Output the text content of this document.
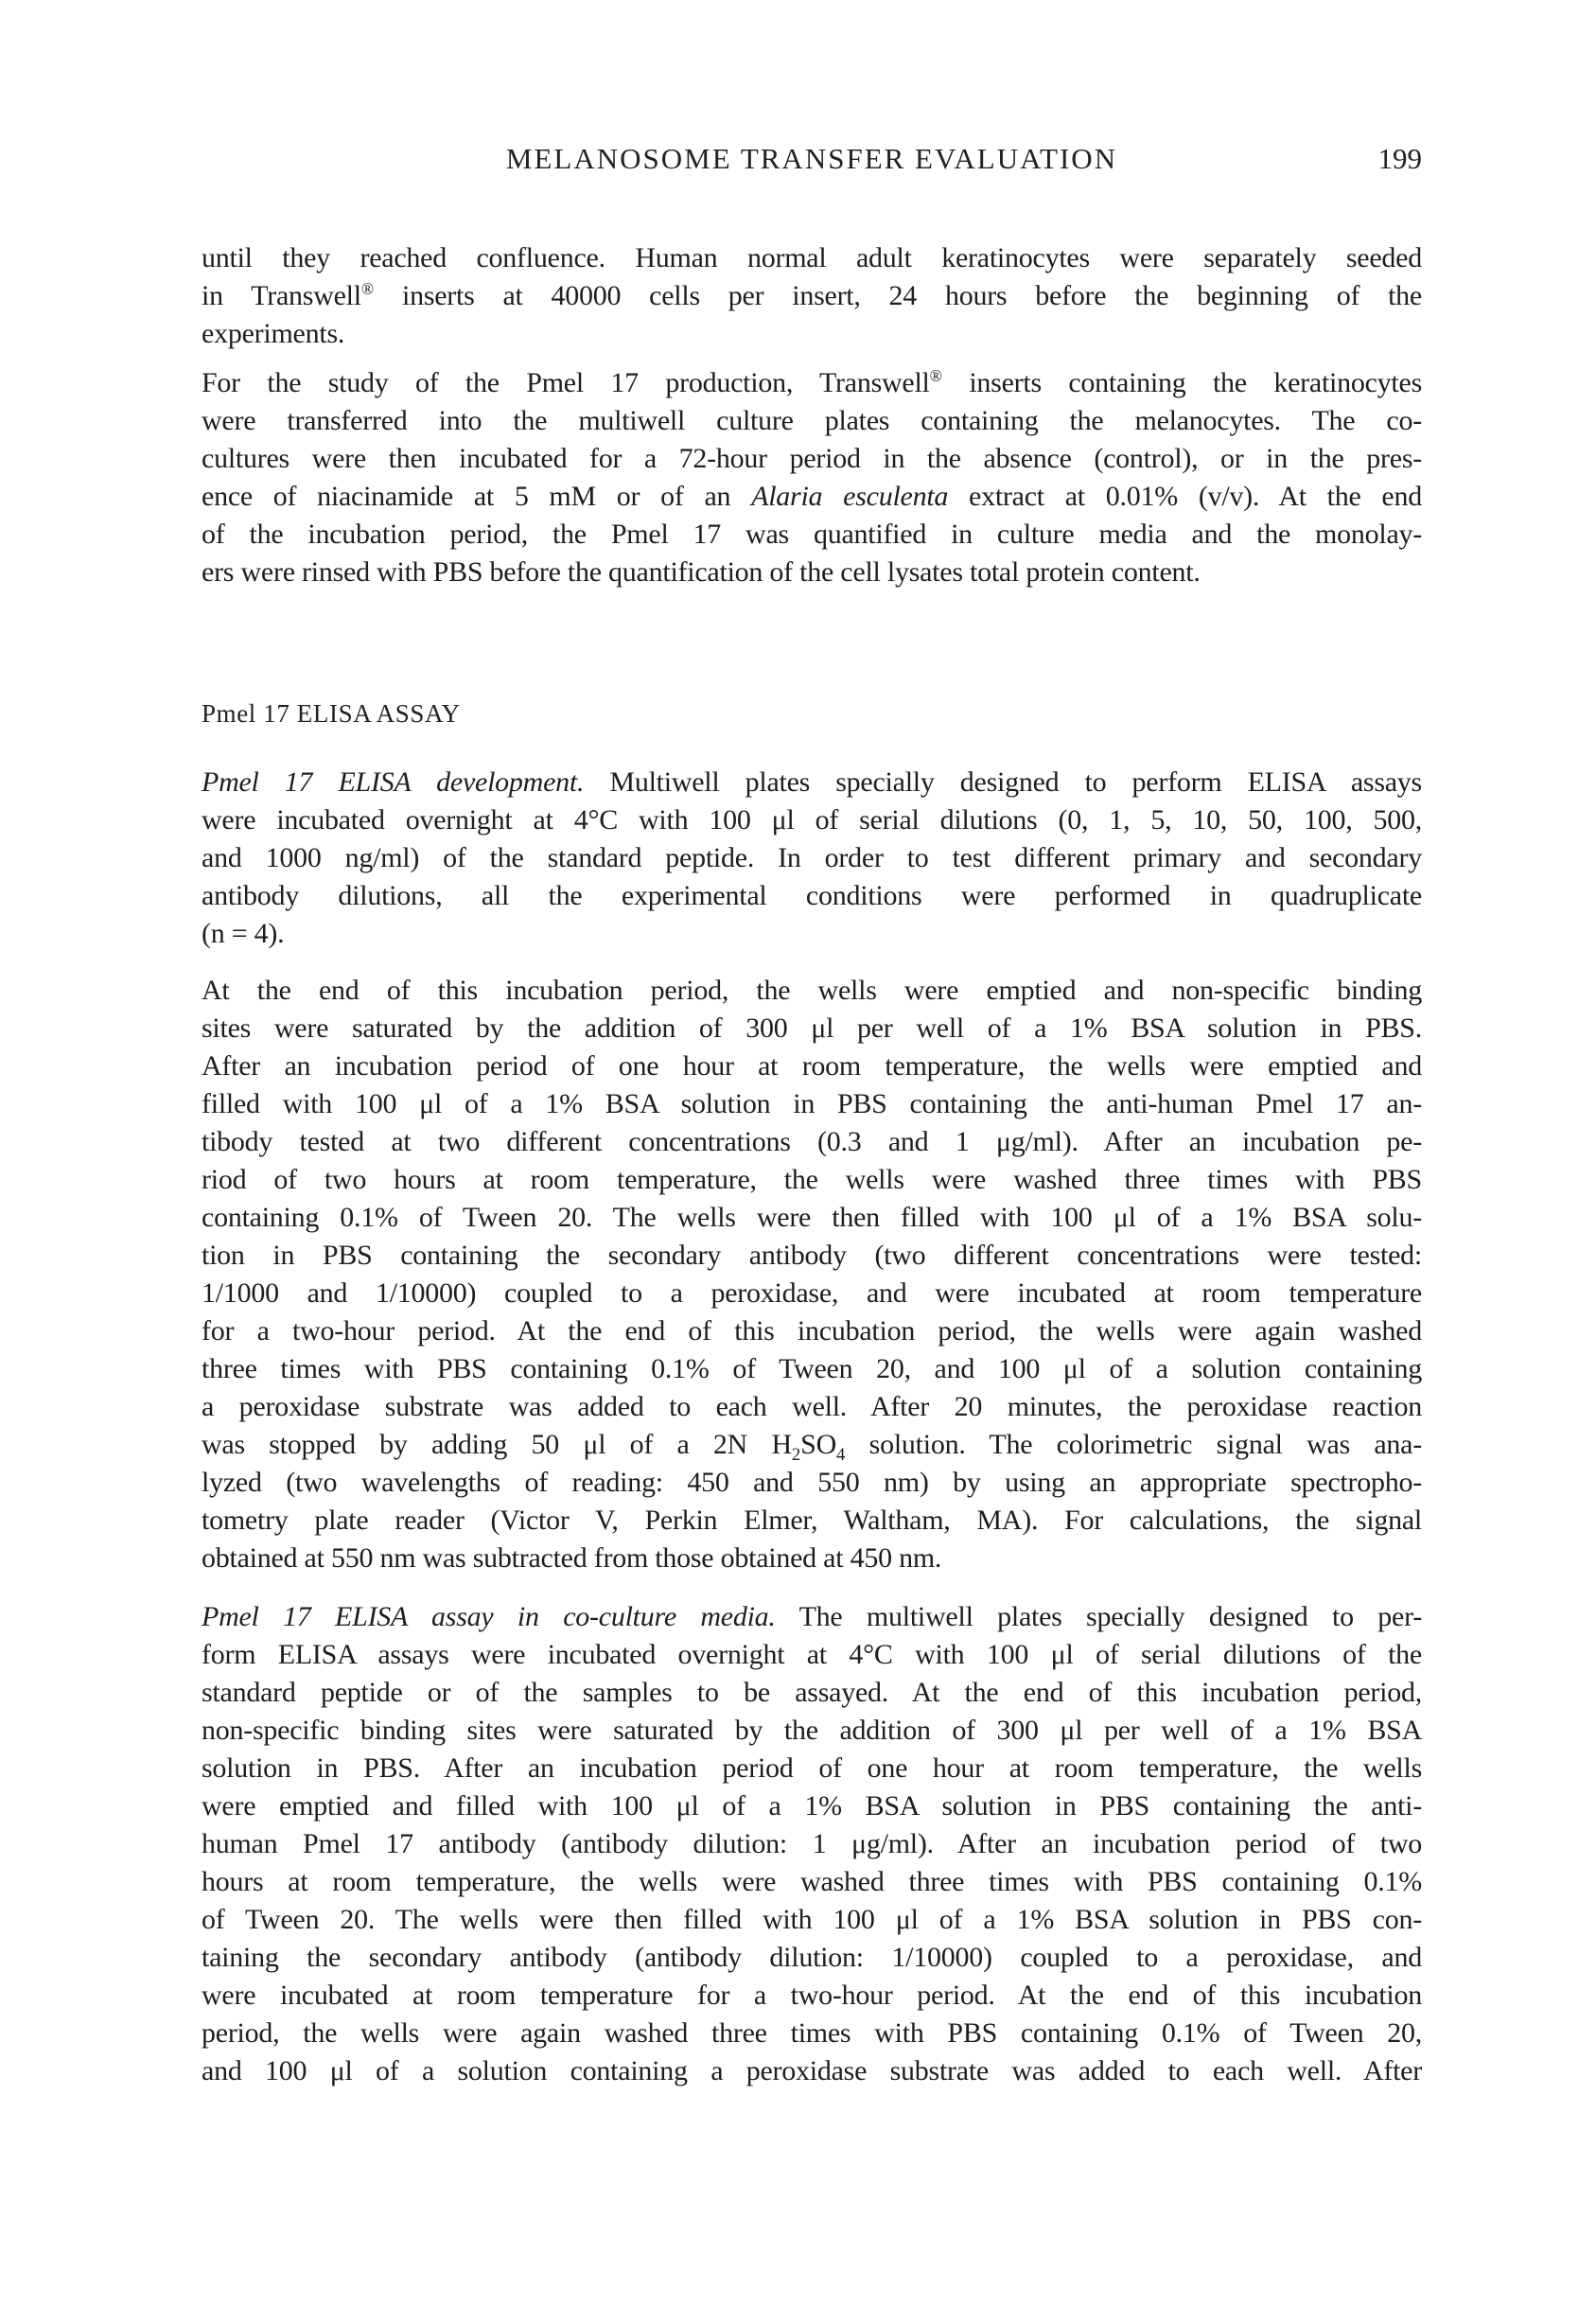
MELANOSOME TRANSFER EVALUATION	199
until they reached confluence. Human normal adult keratinocytes were separately seeded
in Transwell® inserts at 40000 cells per insert, 24 hours before the beginning of the
experiments.
For the study of the Pmel 17 production, Transwell® inserts containing the keratinocytes
were transferred into the multiwell culture plates containing the melanocytes. The co-
cultures were then incubated for a 72-hour period in the absence (control), or in the pres-
ence of niacinamide at 5 mM or of an Alaria esculenta extract at 0.01% (v/v). At the end
of the incubation period, the Pmel 17 was quantified in culture media and the monolay-
ers were rinsed with PBS before the quantification of the cell lysates total protein content.
Pmel 17 ELISA ASSAY
Pmel 17 ELISA development. Multiwell plates specially designed to perform ELISA assays
were incubated overnight at 4°C with 100 μl of serial dilutions (0, 1, 5, 10, 50, 100, 500,
and 1000 ng/ml) of the standard peptide. In order to test different primary and secondary
antibody dilutions, all the experimental conditions were performed in quadruplicate
(n = 4).
At the end of this incubation period, the wells were emptied and non-specific binding
sites were saturated by the addition of 300 μl per well of a 1% BSA solution in PBS.
After an incubation period of one hour at room temperature, the wells were emptied and
filled with 100 μl of a 1% BSA solution in PBS containing the anti-human Pmel 17 an-
tibody tested at two different concentrations (0.3 and 1 μg/ml). After an incubation pe-
riod of two hours at room temperature, the wells were washed three times with PBS
containing 0.1% of Tween 20. The wells were then filled with 100 μl of a 1% BSA solu-
tion in PBS containing the secondary antibody (two different concentrations were tested:
1/1000 and 1/10000) coupled to a peroxidase, and were incubated at room temperature
for a two-hour period. At the end of this incubation period, the wells were again washed
three times with PBS containing 0.1% of Tween 20, and 100 μl of a solution containing
a peroxidase substrate was added to each well. After 20 minutes, the peroxidase reaction
was stopped by adding 50 μl of a 2N $H_2SO_4$ solution. The colorimetric signal was ana-
lyzed (two wavelengths of reading: 450 and 550 nm) by using an appropriate spectropho-
tometry plate reader (Victor V, Perkin Elmer, Waltham, MA). For calculations, the signal
obtained at 550 nm was subtracted from those obtained at 450 nm.
Pmel 17 ELISA assay in co-culture media. The multiwell plates specially designed to per-
form ELISA assays were incubated overnight at 4°C with 100 μl of serial dilutions of the
standard peptide or of the samples to be assayed. At the end of this incubation period,
non-specific binding sites were saturated by the addition of 300 μl per well of a 1% BSA
solution in PBS. After an incubation period of one hour at room temperature, the wells
were emptied and filled with 100 μl of a 1% BSA solution in PBS containing the anti-
human Pmel 17 antibody (antibody dilution: 1 μg/ml). After an incubation period of two
hours at room temperature, the wells were washed three times with PBS containing 0.1%
of Tween 20. The wells were then filled with 100 μl of a 1% BSA solution in PBS con-
taining the secondary antibody (antibody dilution: 1/10000) coupled to a peroxidase, and
were incubated at room temperature for a two-hour period. At the end of this incubation
period, the wells were again washed three times with PBS containing 0.1% of Tween 20,
and 100 μl of a solution containing a peroxidase substrate was added to each well. After
